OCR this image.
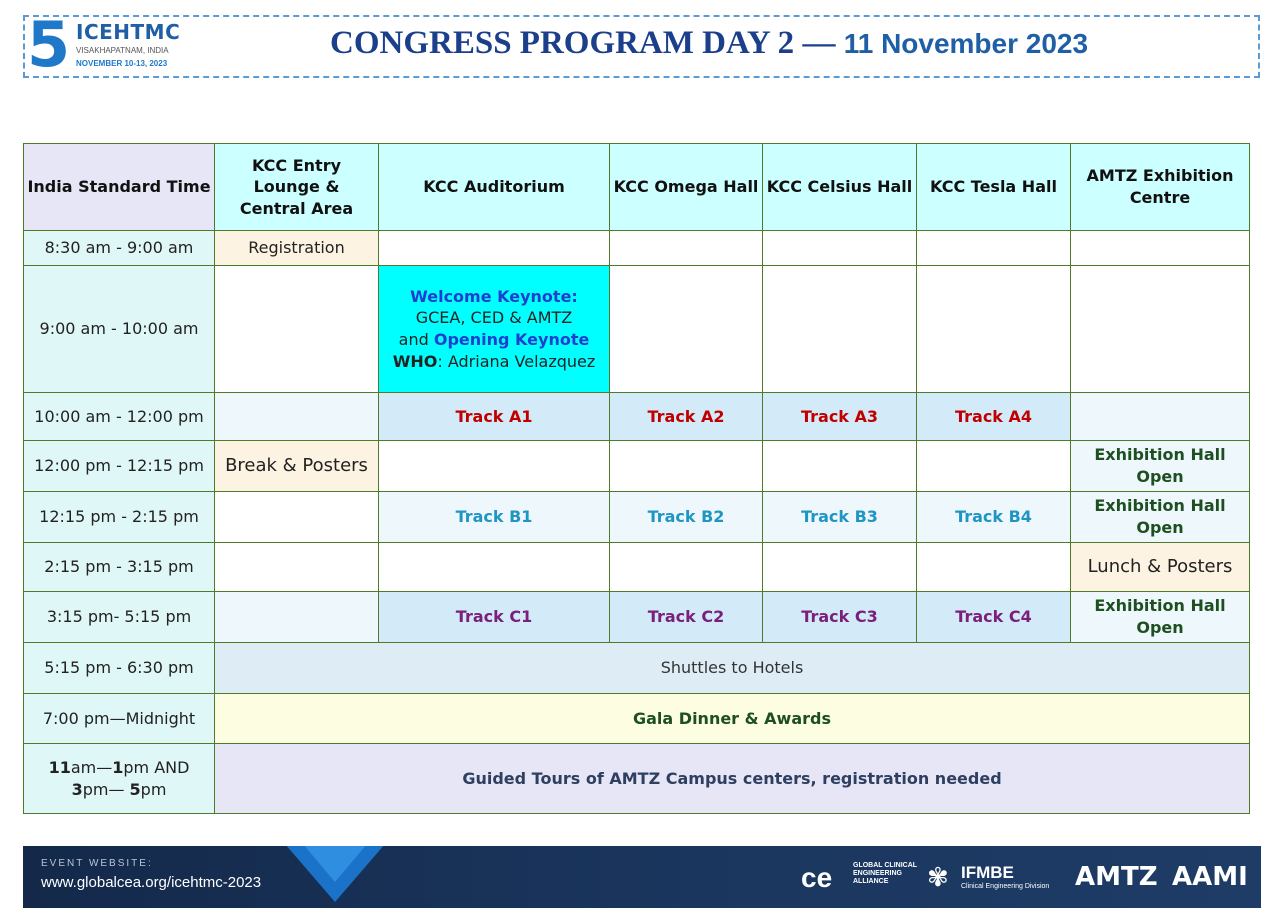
5 ICEHTMC
VISAKHAPATNAM, INDIA
NOVEMBER 10-13, 2023
CONGRESS PROGRAM DAY 2 — 11 November 2023
India Standard Time	KCC Entry Lounge & Central Area	KCC Auditorium	KCC Omega Hall	KCC Celsius Hall	KCC Tesla Hall	AMTZ Exhibition Centre
8:30 am - 9:00 am	Registration					
9:00 am - 10:00 am		Welcome Keynote:
GCEA, CED & AMTZ
and Opening Keynote
WHO: Adriana Velazquez				
10:00 am - 12:00 pm		Track A1	Track A2	Track A3	Track A4	
12:00 pm - 12:15 pm	Break & Posters					Exhibition Hall Open
12:15 pm - 2:15 pm		Track B1	Track B2	Track B3	Track B4	Exhibition Hall Open
2:15 pm - 3:15 pm						Lunch & Posters
3:15 pm- 5:15 pm		Track C1	Track C2	Track C3	Track C4	Exhibition Hall Open
5:15 pm - 6:30 pm	Shuttles to Hotels					
7:00 pm—Midnight	Gala Dinner & Awards					
11am—1pm AND
3pm— 5pm	Guided Tours of AMTZ Campus centers, registration needed					
EVENT WEBSITE:
www.globalcea.org/icehtmc-2023	ce	GLOBAL CLINICAL ENGINEERING ALLIANCE	✾ IFMBE
Clinical Engineering Division AMTZ AAMI
